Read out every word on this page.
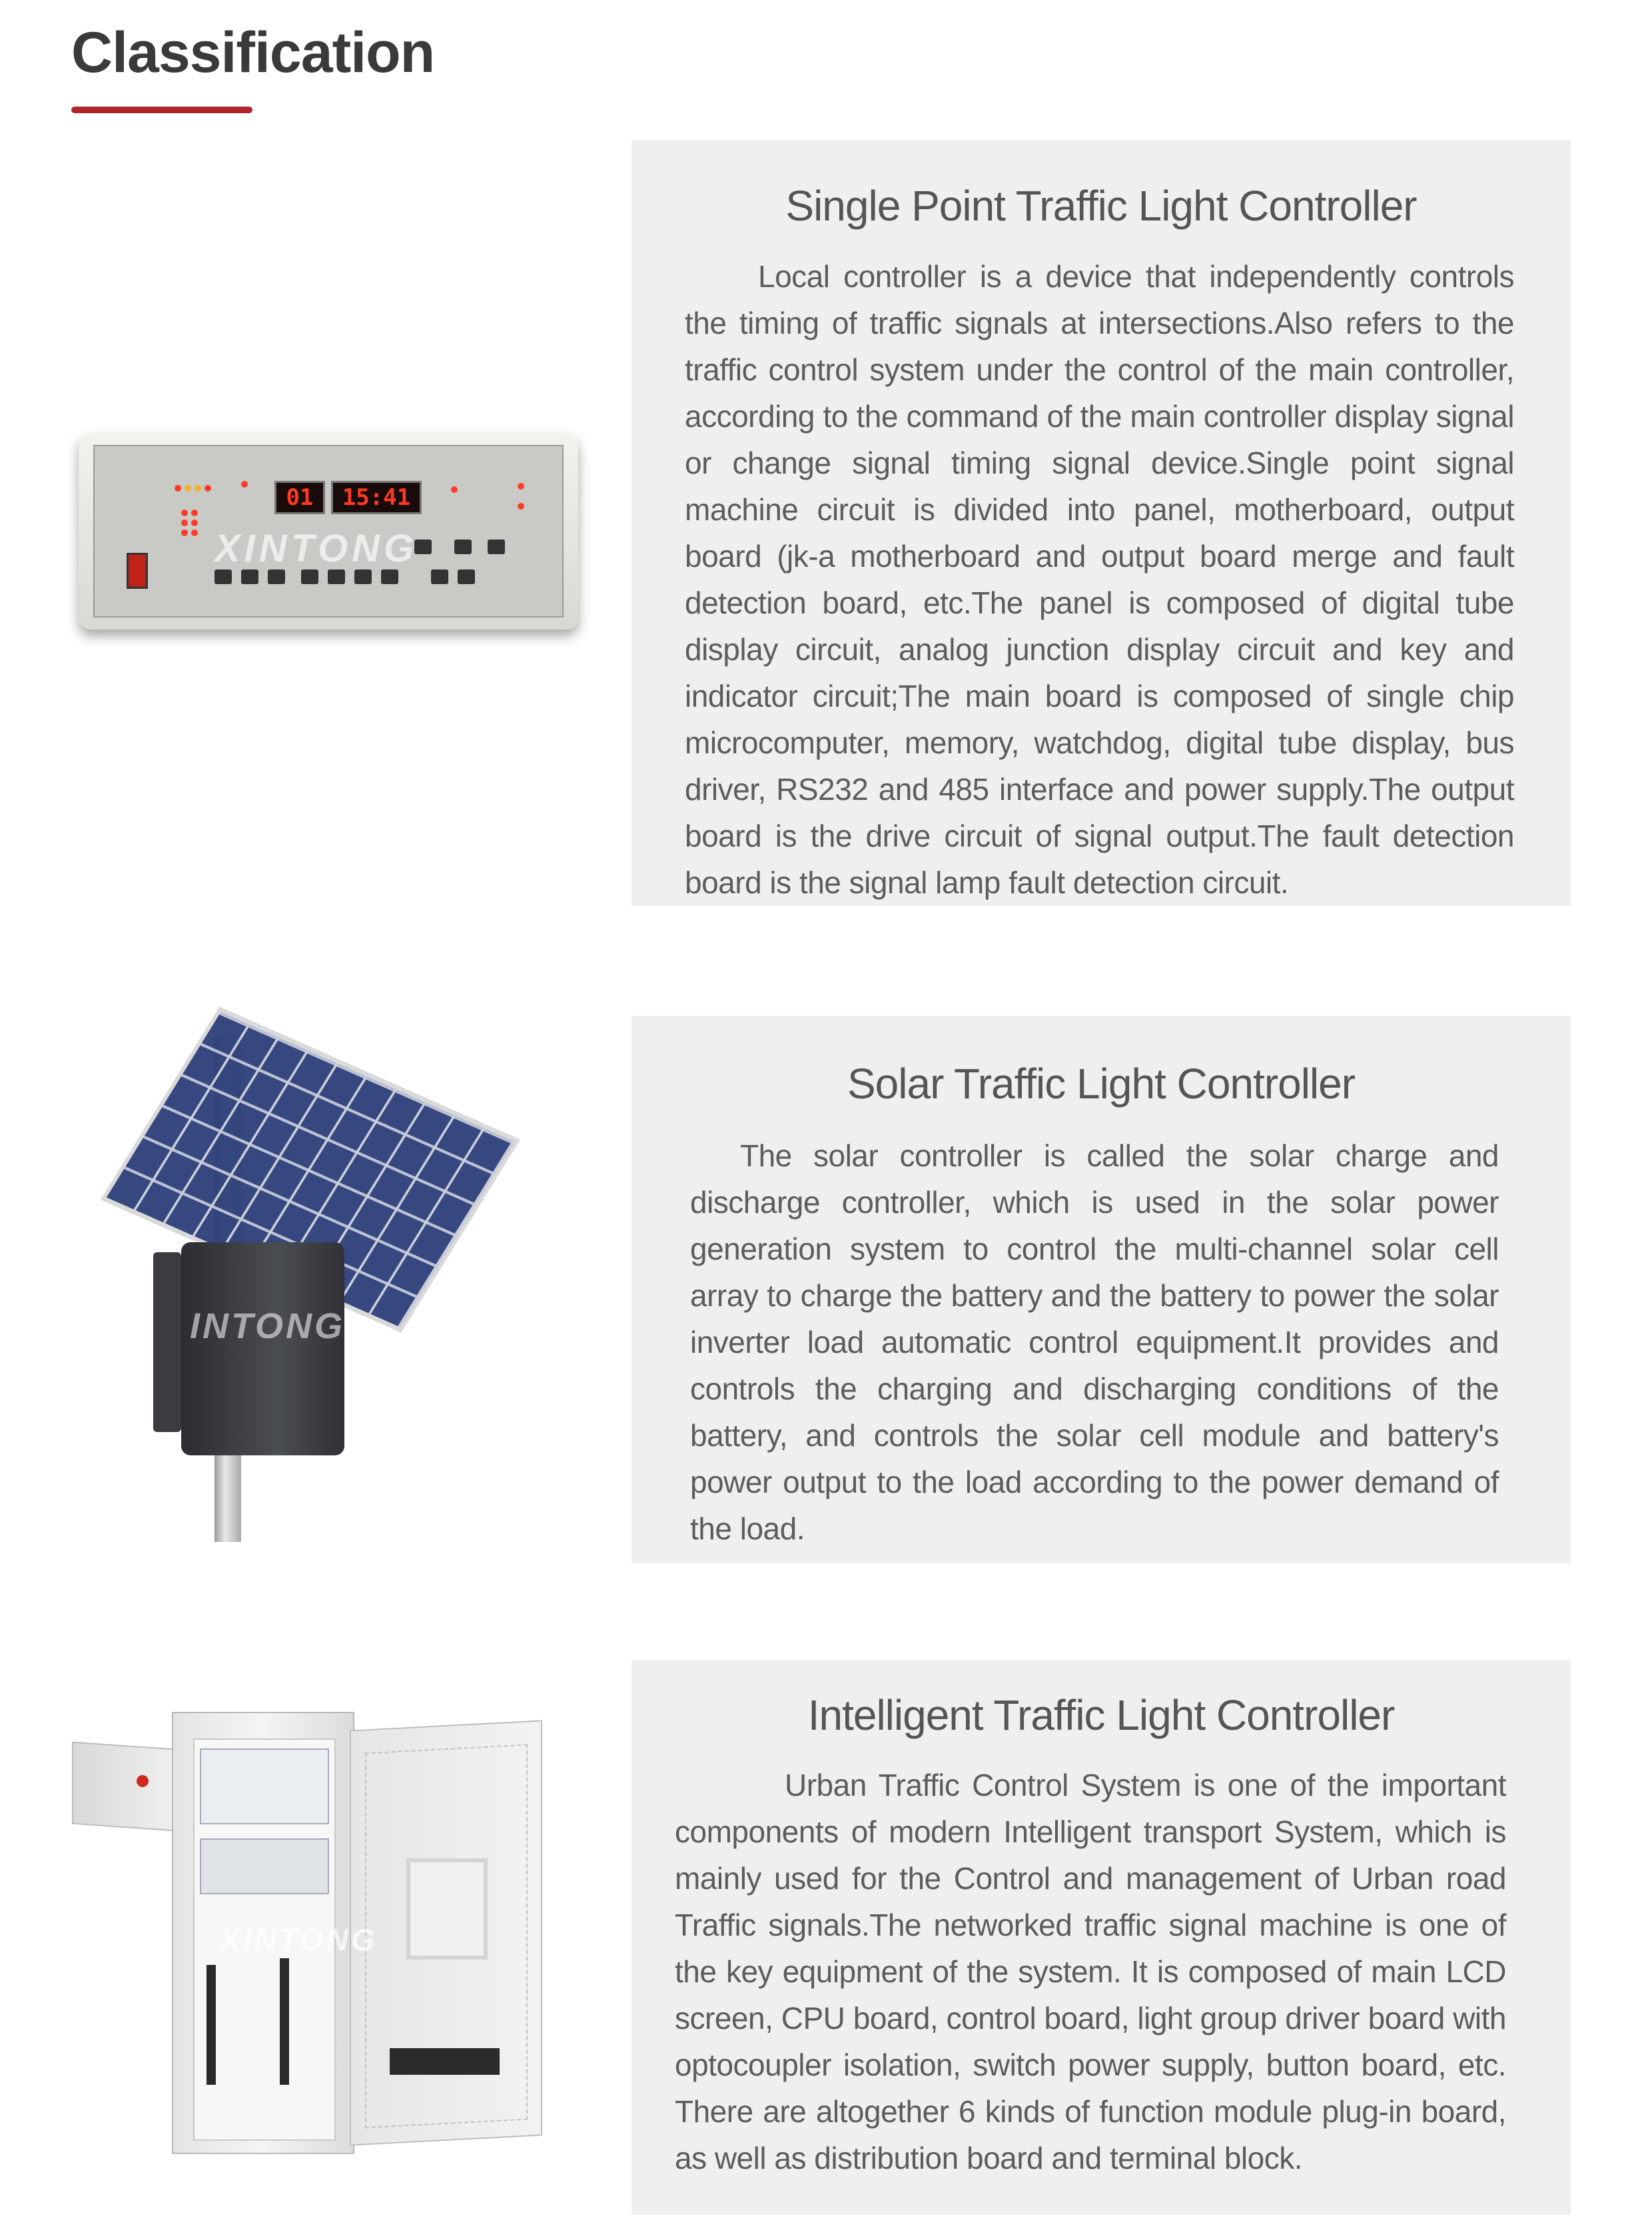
Classification
01	15:41
XINTONG
Single Point Traffic Light Controller

Local controller is a device that independently controls the timing of traffic signals at intersections.Also refers to the traffic control system under the control of the main controller, according to the command of the main controller display signal or change signal timing signal device.Single point signal machine circuit is divided into panel, motherboard, output board (jk-a motherboard and output board merge and fault detection board, etc.The panel is composed of digital tube display circuit, analog junction display circuit and key and indicator circuit;The main board is composed of single chip microcomputer, memory, watchdog, digital tube display, bus driver, RS232 and 485 interface and power supply.The output board is the drive circuit of signal output.The fault detection board is the signal lamp fault detection circuit.

INTONG
Solar Traffic Light Controller

The solar controller is called the solar charge and discharge controller, which is used in the solar power generation system to control the multi-channel solar cell array to charge the battery and the battery to power the solar inverter load automatic control equipment.It provides and controls the charging and discharging conditions of the battery, and controls the solar cell module and battery's power output to the load according to the power demand of the load.

XINTONG
Intelligent Traffic Light Controller

Urban Traffic Control System is one of the important components of modern Intelligent transport System, which is mainly used for the Control and management of Urban road Traffic signals.The networked traffic signal machine is one of the key equipment of the system. It is composed of main LCD screen, CPU board, control board, light group driver board with optocoupler isolation, switch power supply, button board, etc. There are altogether 6 kinds of function module plug-in board, as well as distribution board and terminal block.
